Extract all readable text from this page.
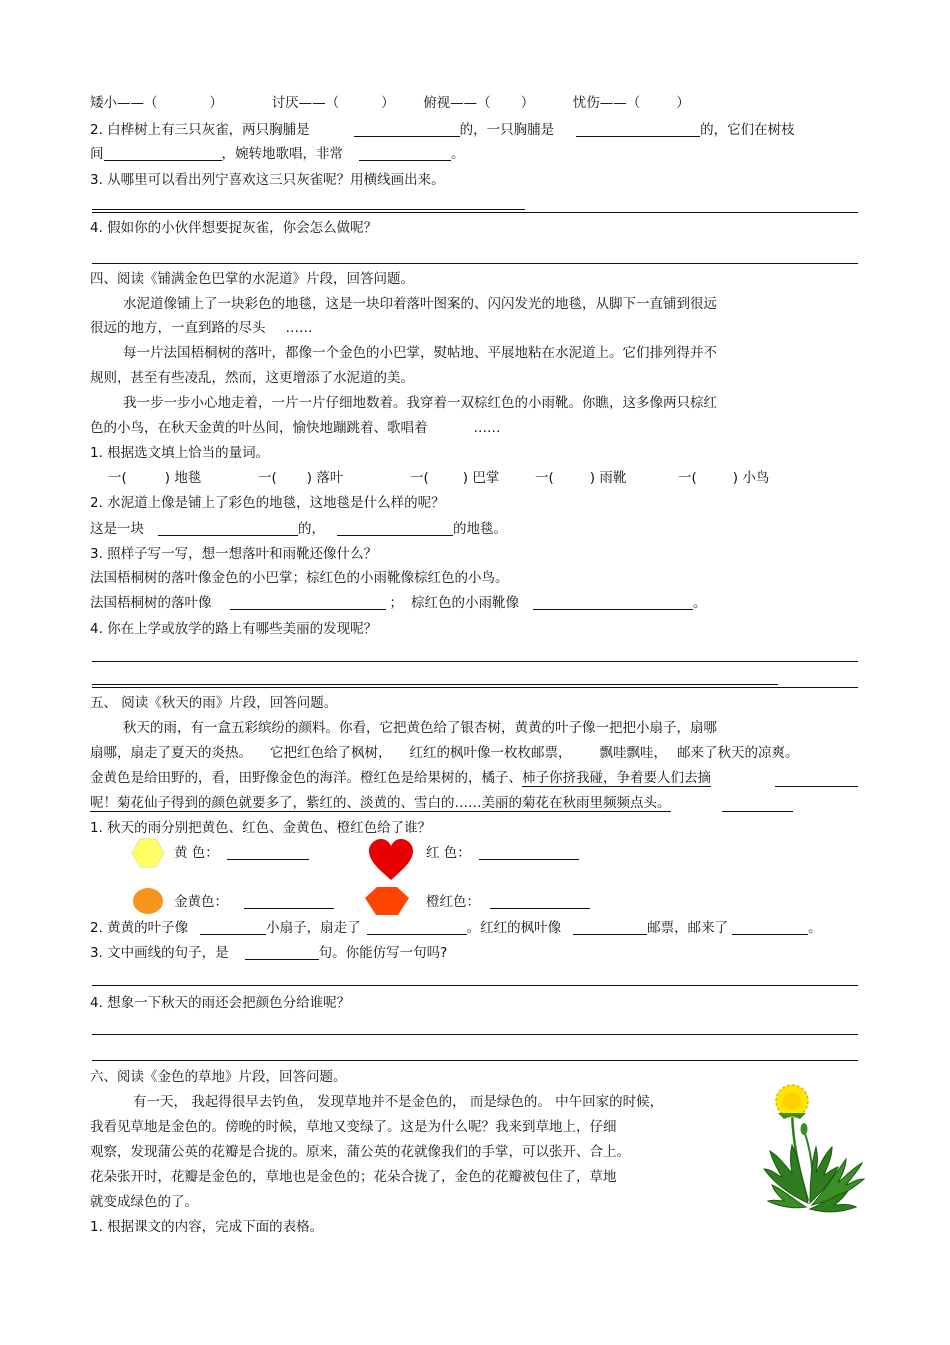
矮小——（	）	讨厌——（	） 俯视——（ ）	忧伤——（	）
2. 白桦树上有三只灰雀，两只胸脯是	的，一只胸脯是	的，它们在树枝
间	，婉转地歌唱，非常	。
3. 从哪里可以看出列宁喜欢这三只灰雀呢？用横线画出来。
4. 假如你的小伙伴想要捉灰雀，你会怎么做呢？
四、阅读《铺满金色巴掌的水泥道》片段，回答问题。
水泥道像铺上了一块彩色的地毯，这是一块印着落叶图案的、闪闪发光的地毯，从脚下一直铺到很远
很远的地方，一直到路的尽头 ……
每一片法国梧桐树的落叶，都像一个金色的小巴掌，熨帖地、平展地粘在水泥道上。它们排列得并不
规则，甚至有些凌乱，然而，这更增添了水泥道的美。
我一步一步小心地走着，一片一片仔细地数着。我穿着一双棕红色的小雨靴。你瞧，这多像两只棕红
色的小鸟，在秋天金黄的叶丛间，愉快地蹦跳着、歌唱着	……
1. 根据选文填上恰当的量词。
一(	) 地毯	一( ) 落叶	一(	) 巴掌	一(	) 雨靴	一(	) 小鸟
2. 水泥道上像是铺上了彩色的地毯，这地毯是什么样的呢？
这是一块	的，	的地毯。
3. 照样子写一写，想一想落叶和雨靴还像什么？
法国梧桐树的落叶像金色的小巴掌；棕红色的小雨靴像棕红色的小鸟。
法国梧桐树的落叶像	； 棕红色的小雨靴像	。
4. 你在上学或放学的路上有哪些美丽的发现呢？
五、 阅读《秋天的雨》片段，回答问题。
秋天的雨，有一盒五彩缤纷的颜料。你看，它把黄色给了银杏树，黄黄的叶子像一把把小扇子，扇哪
扇哪，扇走了夏天的炎热。 它把红色给了枫树， 红红的枫叶像一枚枚邮票， 飘哇飘哇， 邮来了秋天的凉爽。
金黄色是给田野的，看，田野像金色的海洋。橙红色是给果树的，橘子、柿子你挤我碰，争着要人们去摘
呢！菊花仙子得到的颜色就要多了，紫红的、淡黄的、雪白的……美丽的菊花在秋雨里频频点头。
1. 秋天的雨分别把黄色、红色、金黄色、橙红色给了谁？
黄 色：	红 色：
金黄色：	橙红色：
2. 黄黄的叶子像	小扇子，扇走了	。红红的枫叶像	邮票，邮来了	。
3. 文中画线的句子，是	句。你能仿写一句吗?
4. 想象一下秋天的雨还会把颜色分给谁呢？
六、阅读《金色的草地》片段，回答问题。
有一天， 我起得很早去钓鱼， 发现草地并不是金色的， 而是绿色的。 中午回家的时候，
我看见草地是金色的。傍晚的时候，草地又变绿了。这是为什么呢？我来到草地上，仔细
观察，发现蒲公英的花瓣是合拢的。原来，蒲公英的花就像我们的手掌，可以张开、合上。
花朵张开时，花瓣是金色的，草地也是金色的；花朵合拢了，金色的花瓣被包住了，草地
就变成绿色的了。
1. 根据课文的内容，完成下面的表格。
